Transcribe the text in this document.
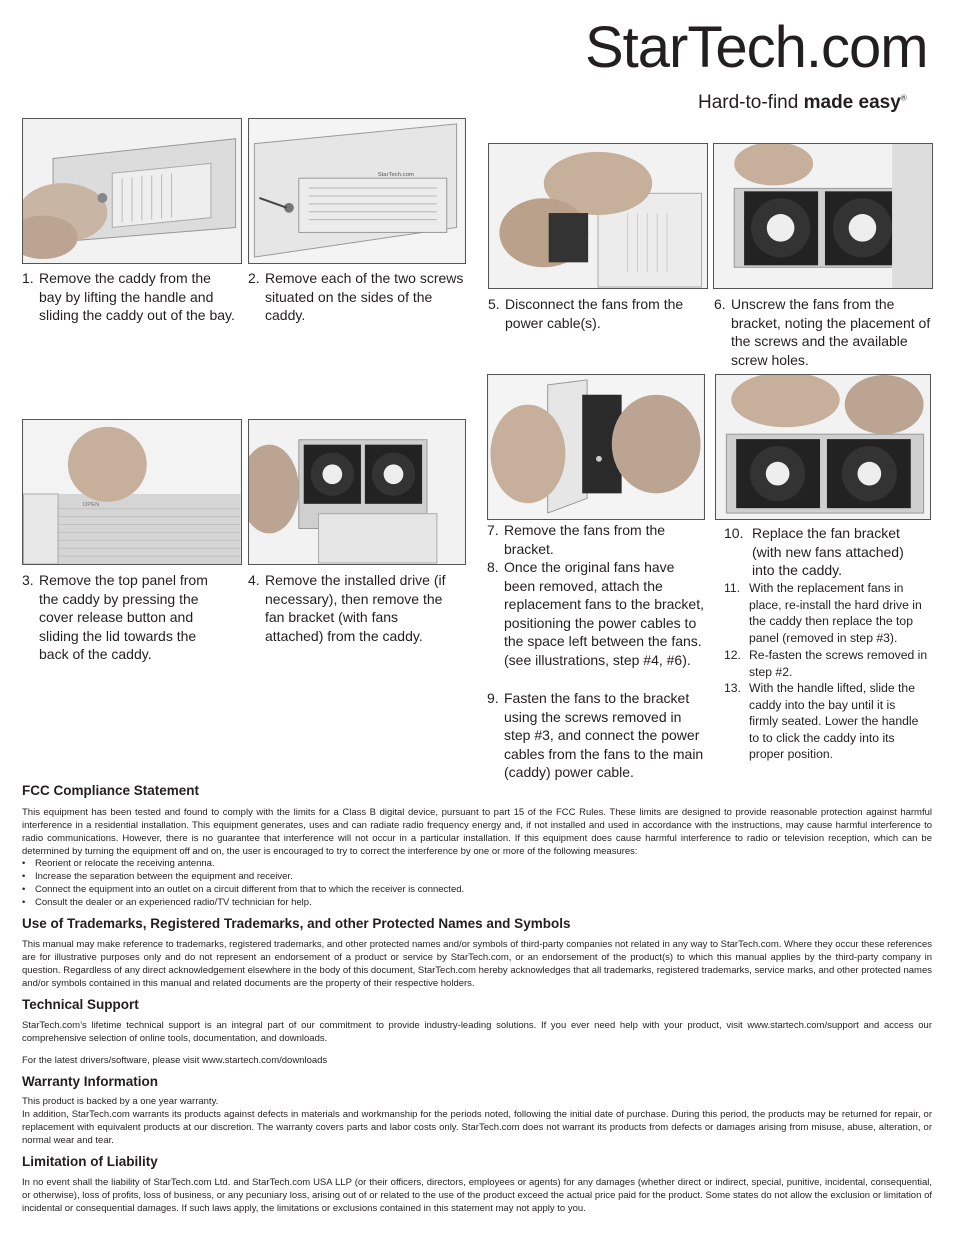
StarTech.com
Hard-to-find made easy®
StarTech.com
OPEN
1. Remove the caddy from the bay by lifting the handle and sliding the caddy out of the bay.
2. Remove each of the two screws situated on the sides of the caddy.
5. Disconnect the fans from the power cable(s).
6. Unscrew the fans from the bracket, noting the placement of the screws and the available screw holes.
3. Remove the top panel from the caddy by pressing the cover release button and sliding the lid towards the back of the caddy.
4. Remove the installed drive (if necessary), then remove the fan bracket (with fans attached) from the caddy.
7. Remove the fans from the bracket.
8. Once the original fans have been removed, attach the replacement fans to the bracket, positioning the power cables to the space left between the fans. (see illustrations, step #4, #6).
9. Fasten the fans to the bracket using the screws removed in step #3, and connect the power cables from the fans to the main (caddy) power cable.
10. Replace the fan bracket (with new fans attached) into the caddy.
11. With the replacement fans in place, re-install the hard drive in the caddy then replace the top panel (removed in step #3).
12. Re-fasten the screws removed in step #2.
13. With the handle lifted, slide the caddy into the bay until it is firmly seated. Lower the handle to to click the caddy into its proper position.
FCC Compliance Statement

This equipment has been tested and found to comply with the limits for a Class B digital device, pursuant to part 15 of the FCC Rules. These limits are designed to provide reasonable protection against harmful interference in a residential installation. This equipment generates, uses and can radiate radio frequency energy and, if not installed and used in accordance with the instructions, may cause harmful interference to radio communications. However, there is no guarantee that interference will not occur in a particular installation. If this equipment does cause harmful interference to radio or television reception, which can be determined by turning the equipment off and on, the user is encouraged to try to correct the interference by one or more of the following measures:

• Reorient or relocate the receiving antenna.
• Increase the separation between the equipment and receiver.
• Connect the equipment into an outlet on a circuit different from that to which the receiver is connected.
• Consult the dealer or an experienced radio/TV technician for help.
Use of Trademarks, Registered Trademarks, and other Protected Names and Symbols

This manual may make reference to trademarks, registered trademarks, and other protected names and/or symbols of third-party companies not related in any way to StarTech.com. Where they occur these references are for illustrative purposes only and do not represent an endorsement of a product or service by StarTech.com, or an endorsement of the product(s) to which this manual applies by the third-party company in question. Regardless of any direct acknowledgement elsewhere in the body of this document, StarTech.com hereby acknowledges that all trademarks, registered trademarks, service marks, and other protected names and/or symbols contained in this manual and related documents are the property of their respective holders.

Technical Support

StarTech.com’s lifetime technical support is an integral part of our commitment to provide industry-leading solutions. If you ever need help with your product, visit www.startech.com/support and access our comprehensive selection of online tools, documentation, and downloads.

For the latest drivers/software, please visit www.startech.com/downloads

Warranty Information

This product is backed by a one year warranty.

In addition, StarTech.com warrants its products against defects in materials and workmanship for the periods noted, following the initial date of purchase. During this period, the products may be returned for repair, or replacement with equivalent products at our discretion. The warranty covers parts and labor costs only. StarTech.com does not warrant its products from defects or damages arising from misuse, abuse, alteration, or normal wear and tear.

Limitation of Liability

In no event shall the liability of StarTech.com Ltd. and StarTech.com USA LLP (or their officers, directors, employees or agents) for any damages (whether direct or indirect, special, punitive, incidental, consequential, or otherwise), loss of profits, loss of business, or any pecuniary loss, arising out of or related to the use of the product exceed the actual price paid for the product. Some states do not allow the exclusion or limitation of incidental or consequential damages. If such laws apply, the limitations or exclusions contained in this statement may not apply to you.
